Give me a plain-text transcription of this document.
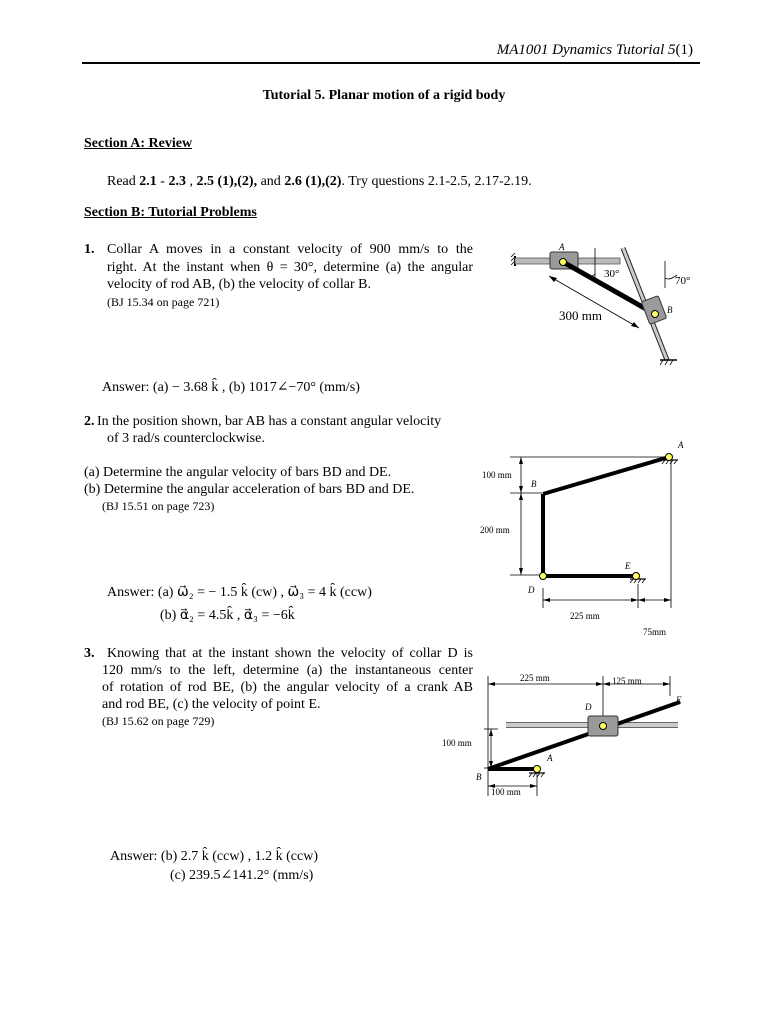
MA1001 Dynamics Tutorial 5(1)
Tutorial 5. Planar motion of a rigid body
Section A: Review
Read 2.1 - 2.3 , 2.5 (1),(2), and 2.6 (1),(2). Try questions 2.1-2.5, 2.17-2.19.
Section B: Tutorial Problems
1. Collar A moves in a constant velocity of 900 mm/s to the
right. At the instant when θ = 30°, determine (a) the angular
velocity of rod AB, (b) the velocity of collar B.
(BJ 15.34 on page 721)
Answer: (a) − 3.68 k̂ , (b) 1017∠−70° (mm/s)
A
B
30°
70°
300 mm
2. In the position shown, bar AB has a constant angular velocity
of 3 rad/s counterclockwise.
(a) Determine the angular velocity of bars BD and DE.
(b) Determine the angular acceleration of bars BD and DE.
(BJ 15.51 on page 723)
Answer: (a) ω⃗₂ = − 1.5 k̂ (cw) , ω⃗₃ = 4 k̂ (ccw)
(b) α⃗₂ = 4.5k̂ , α⃗₃ = −6k̂
A
B
D
E
100 mm
200 mm
225 mm
75mm
3. Knowing that at the instant shown the velocity of collar D is
120 mm/s to the left, determine (a) the instantaneous center
of rotation of rod BE, (b) the angular velocity of a crank AB
and rod BE, (c) the velocity of point E.
(BJ 15.62 on page 729)
Answer: (b) 2.7 k̂ (ccw) , 1.2 k̂ (ccw)
(c) 239.5∠141.2° (mm/s)
A
B
D
E
225 mm	125 mm
100 mm
100 mm
